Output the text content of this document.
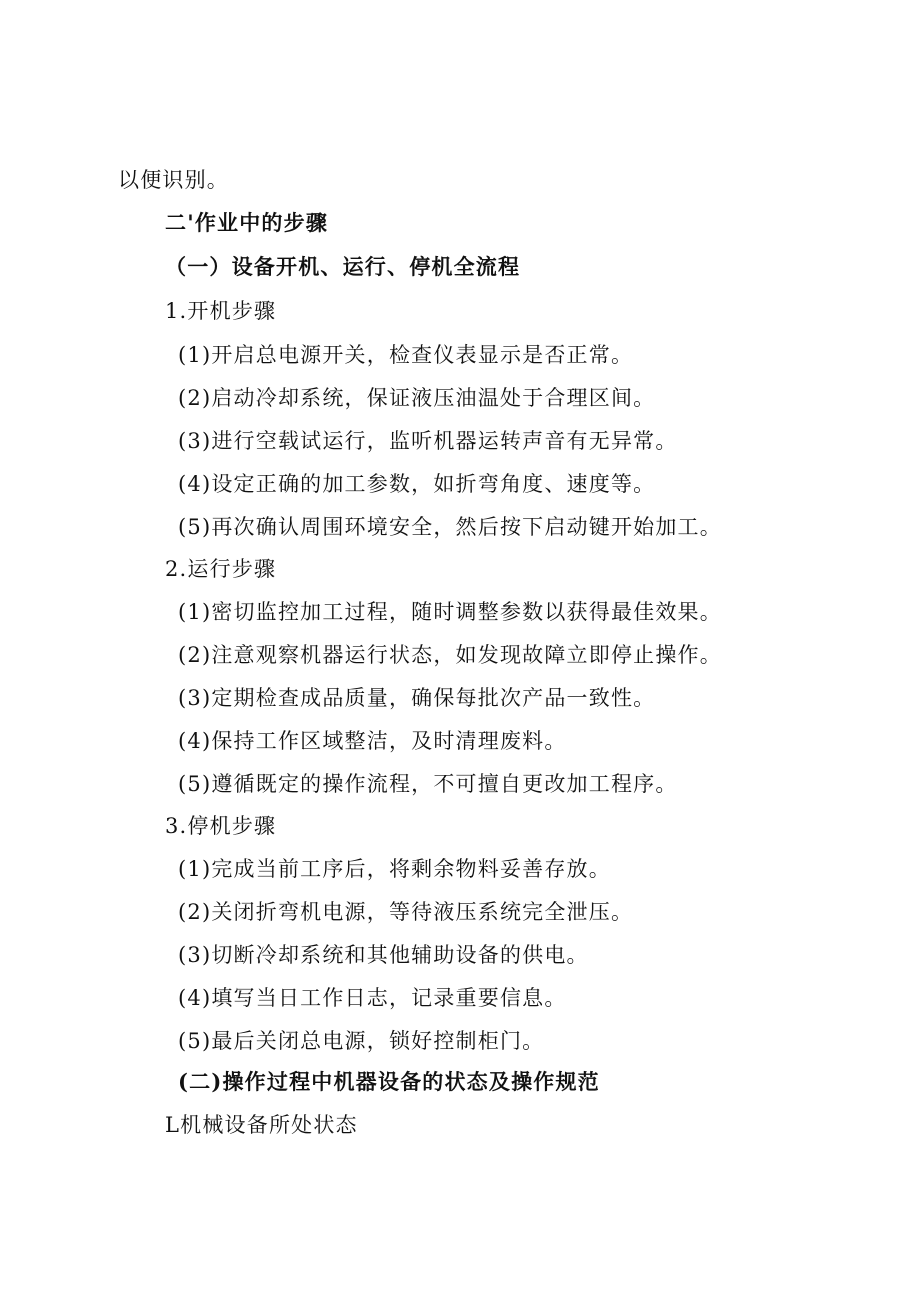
以便识别。
二'作业中的步骤
（一）设备开机、运行、停机全流程
1.开机步骤
(1)开启总电源开关，检查仪表显示是否正常。
(2)启动冷却系统，保证液压油温处于合理区间。
(3)进行空载试运行，监听机器运转声音有无异常。
(4)设定正确的加工参数，如折弯角度、速度等。
(5)再次确认周围环境安全，然后按下启动键开始加工。
2.运行步骤
(1)密切监控加工过程，随时调整参数以获得最佳效果。
(2)注意观察机器运行状态，如发现故障立即停止操作。
(3)定期检查成品质量，确保每批次产品一致性。
(4)保持工作区域整洁，及时清理废料。
(5)遵循既定的操作流程，不可擅自更改加工程序。
3.停机步骤
(1)完成当前工序后，将剩余物料妥善存放。
(2)关闭折弯机电源，等待液压系统完全泄压。
(3)切断冷却系统和其他辅助设备的供电。
(4)填写当日工作日志，记录重要信息。
(5)最后关闭总电源，锁好控制柜门。
(二)操作过程中机器设备的状态及操作规范
L机械设备所处状态
